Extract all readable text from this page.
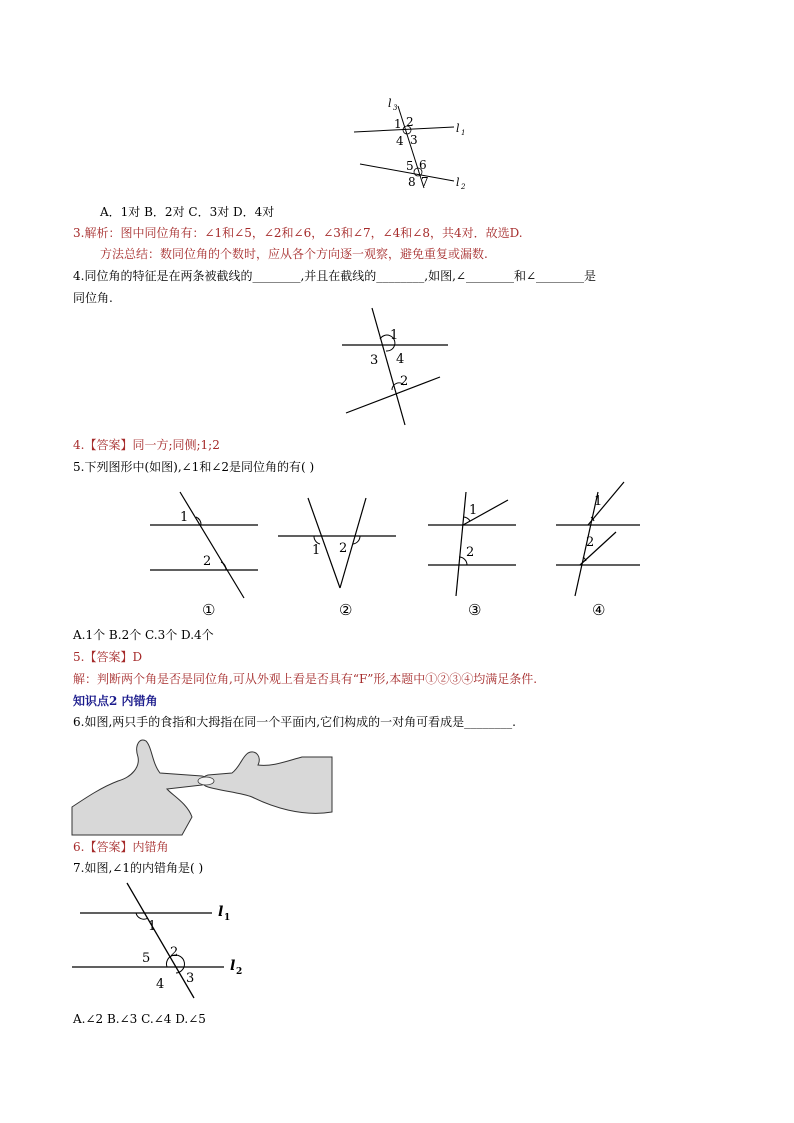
l 3
l 1
l 2
1 2
4 3
5 6
8 7
A．1对 B．2对 C．3对 D．4对
3.解析：图中同位角有：∠1和∠5，∠2和∠6，∠3和∠7，∠4和∠8，共4对．故选D.
方法总结：数同位角的个数时，应从各个方向逐一观察，避免重复或漏数.
4.同位角的特征是在两条被截线的________,并且在截线的________,如图,∠________和∠________是
同位角.
1
3 4
2
4.【答案】同一方;同侧;1;2
5.下列图形中(如图),∠1和∠2是同位角的有( )
1
2
①
1 2
②
1
2
③
1
2
④
A.1个 B.2个 C.3个 D.4个
5.【答案】D
解：判断两个角是否是同位角,可从外观上看是否具有“F”形,本题中①②③④均满足条件.
知识点2 内错角
6.如图,两只手的食指和大拇指在同一个平面内,它们构成的一对角可看成是________.
6.【答案】内错角
7.如图,∠1的内错角是( )
1
2
5
3
4
l 1
l 2
A.∠2 B.∠3 C.∠4 D.∠5
